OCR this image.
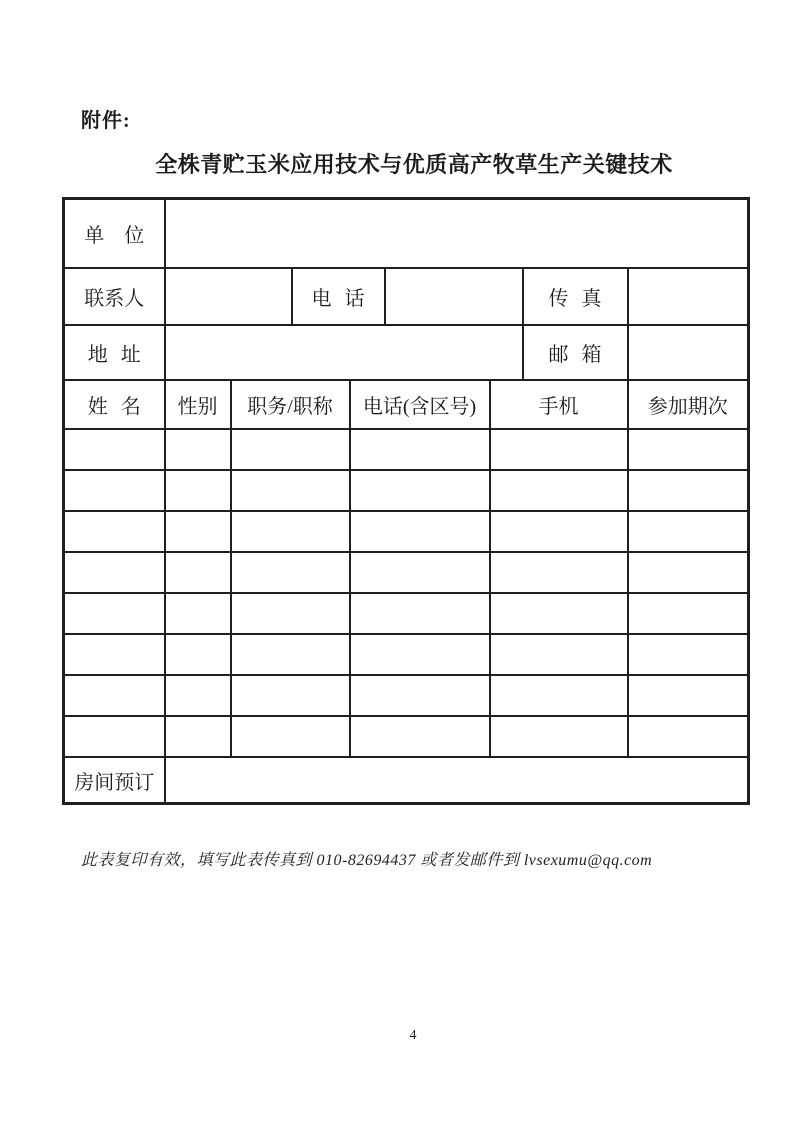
附件:
全株青贮玉米应用技术与优质高产牧草生产关键技术
单　位								
联系人			电 话				传 真	
地 址							邮 箱	
姓 名	性别	职务/职称		电话(含区号)		手机		参加期次

房间预订								
此表复印有效，填写此表传真到 010-82694437 或者发邮件到 lvsexumu@qq.com
4
